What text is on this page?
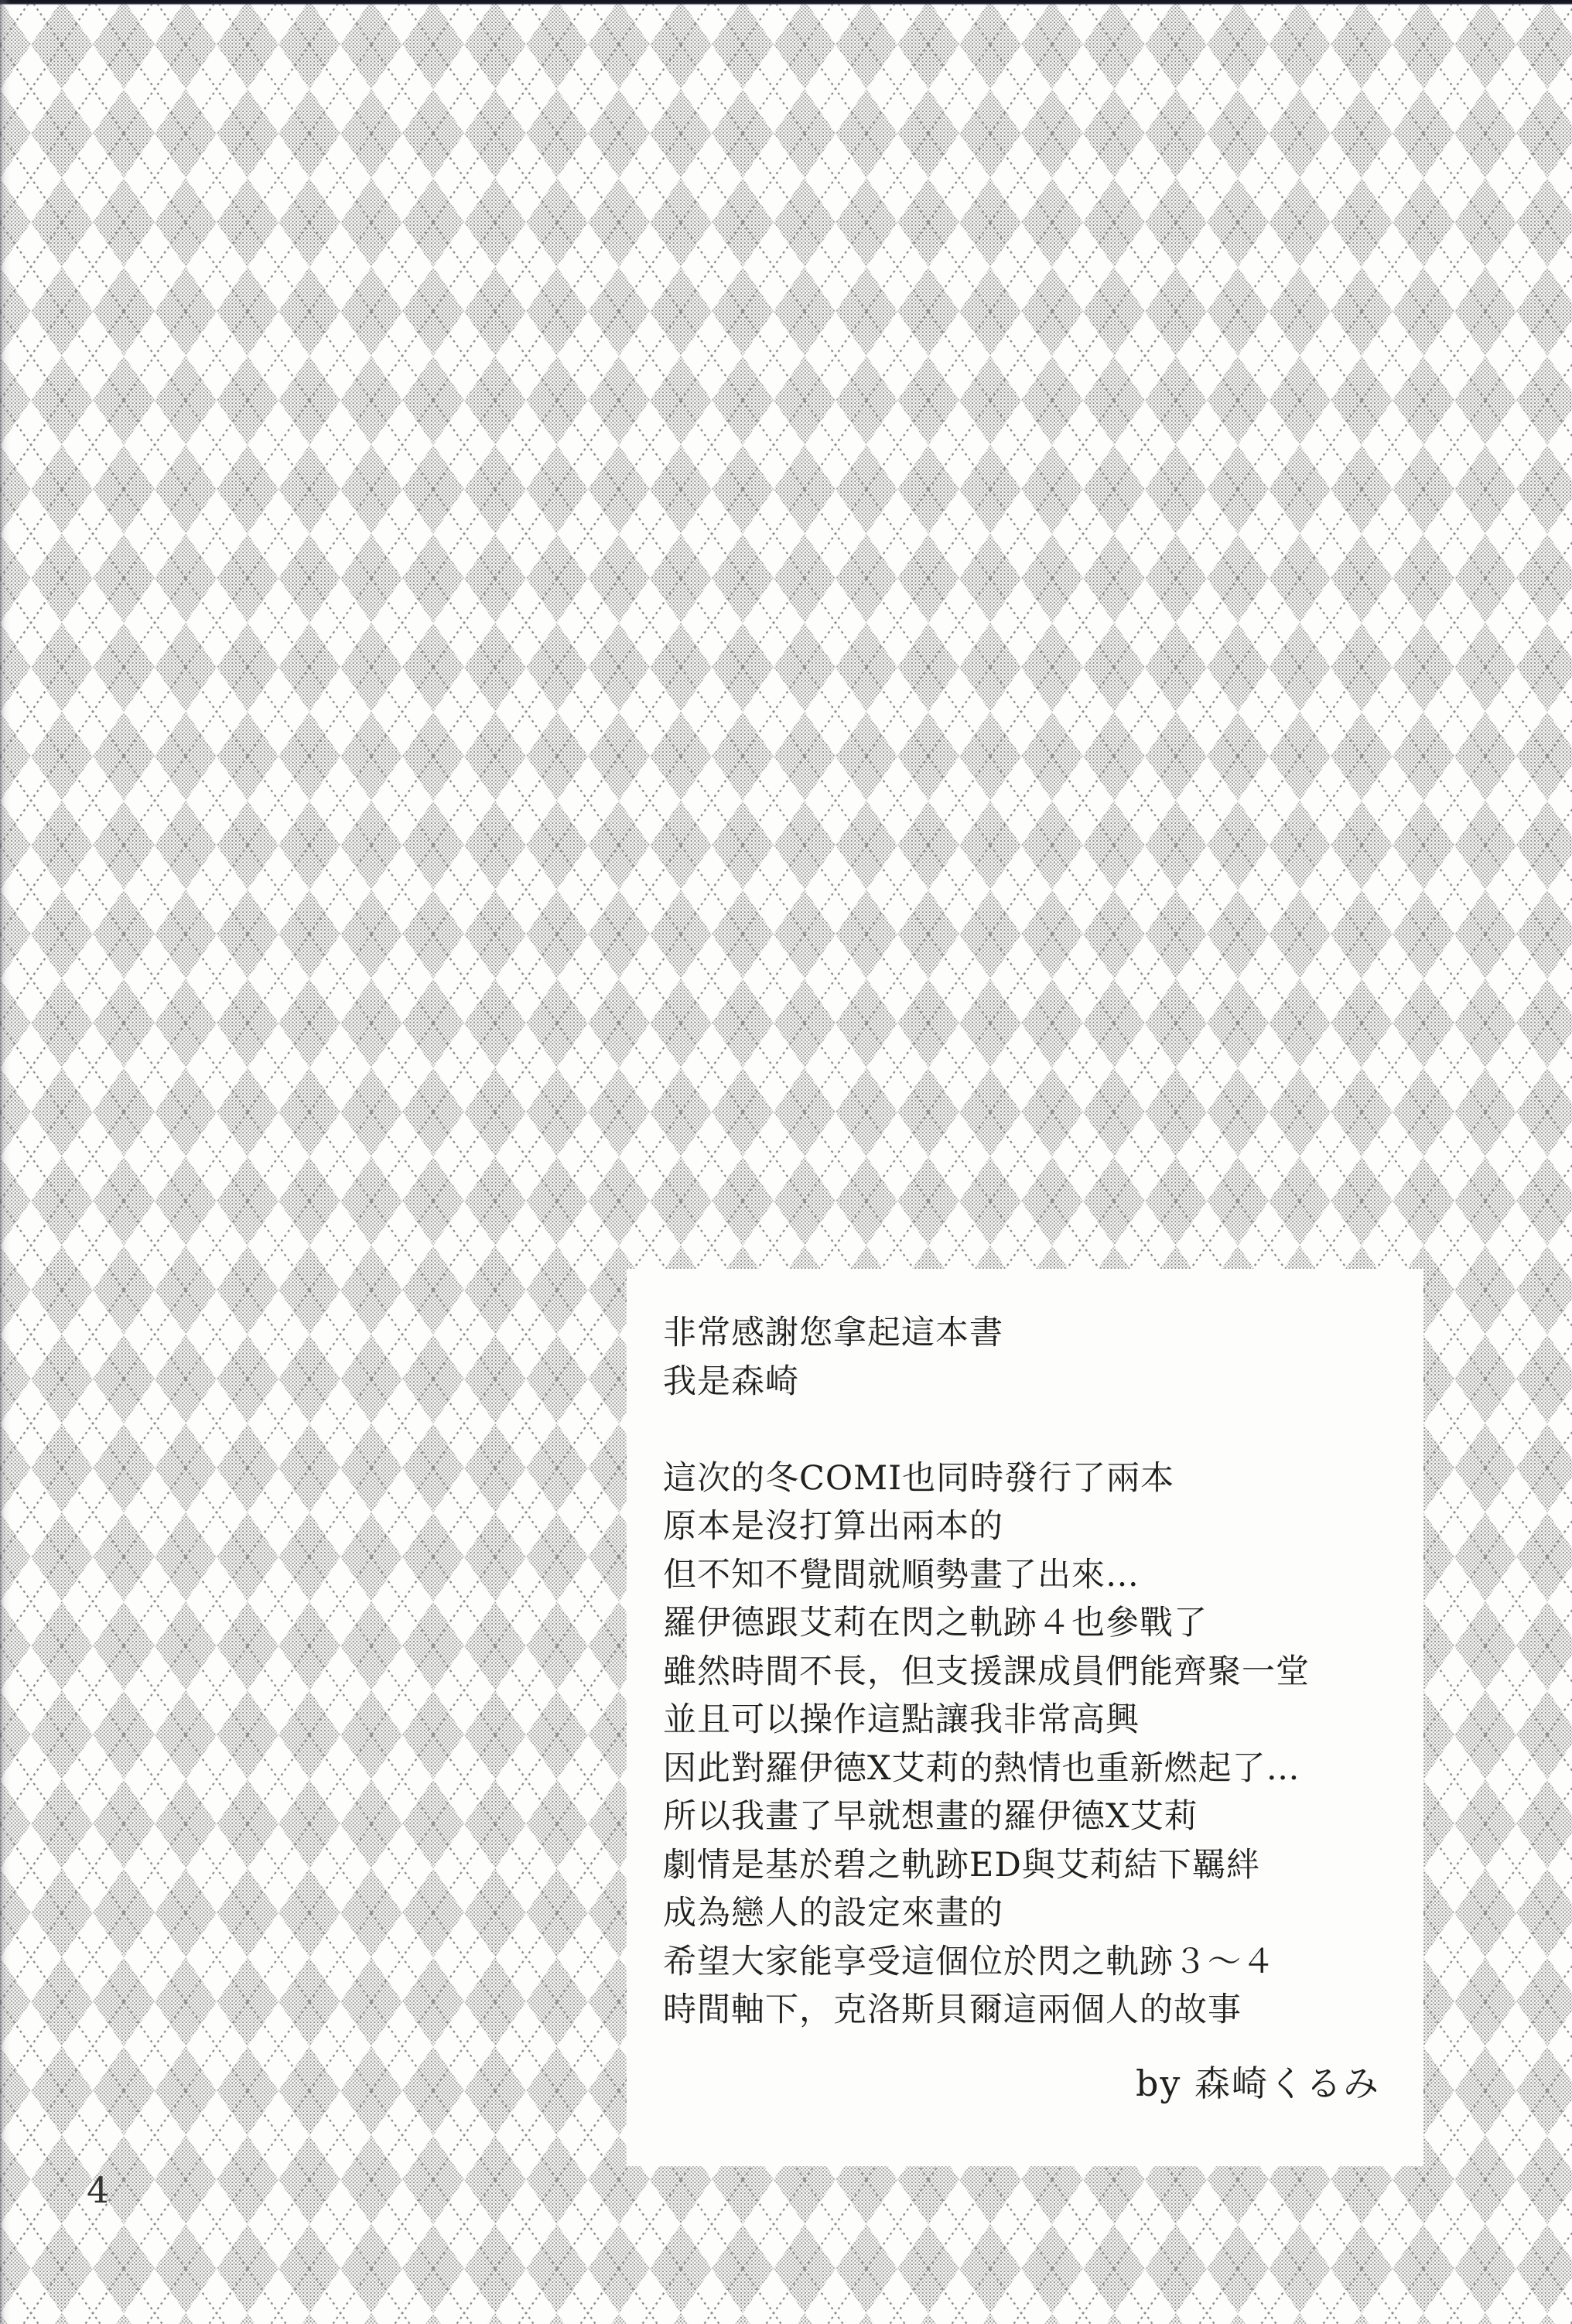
非常感謝您拿起這本書

我是森崎

這次的冬COMI也同時發行了兩本

原本是沒打算出兩本的

但不知不覺間就順勢畫了出來…

羅伊德跟艾莉在閃之軌跡４也參戰了

雖然時間不長，但支援課成員們能齊聚一堂

並且可以操作這點讓我非常高興

因此對羅伊德X艾莉的熱情也重新燃起了…

所以我畫了早就想畫的羅伊德X艾莉

劇情是基於碧之軌跡ED與艾莉結下羈絆

成為戀人的設定來畫的

希望大家能享受這個位於閃之軌跡３～４

時間軸下，克洛斯貝爾這兩個人的故事

by 森崎くるみ
4
